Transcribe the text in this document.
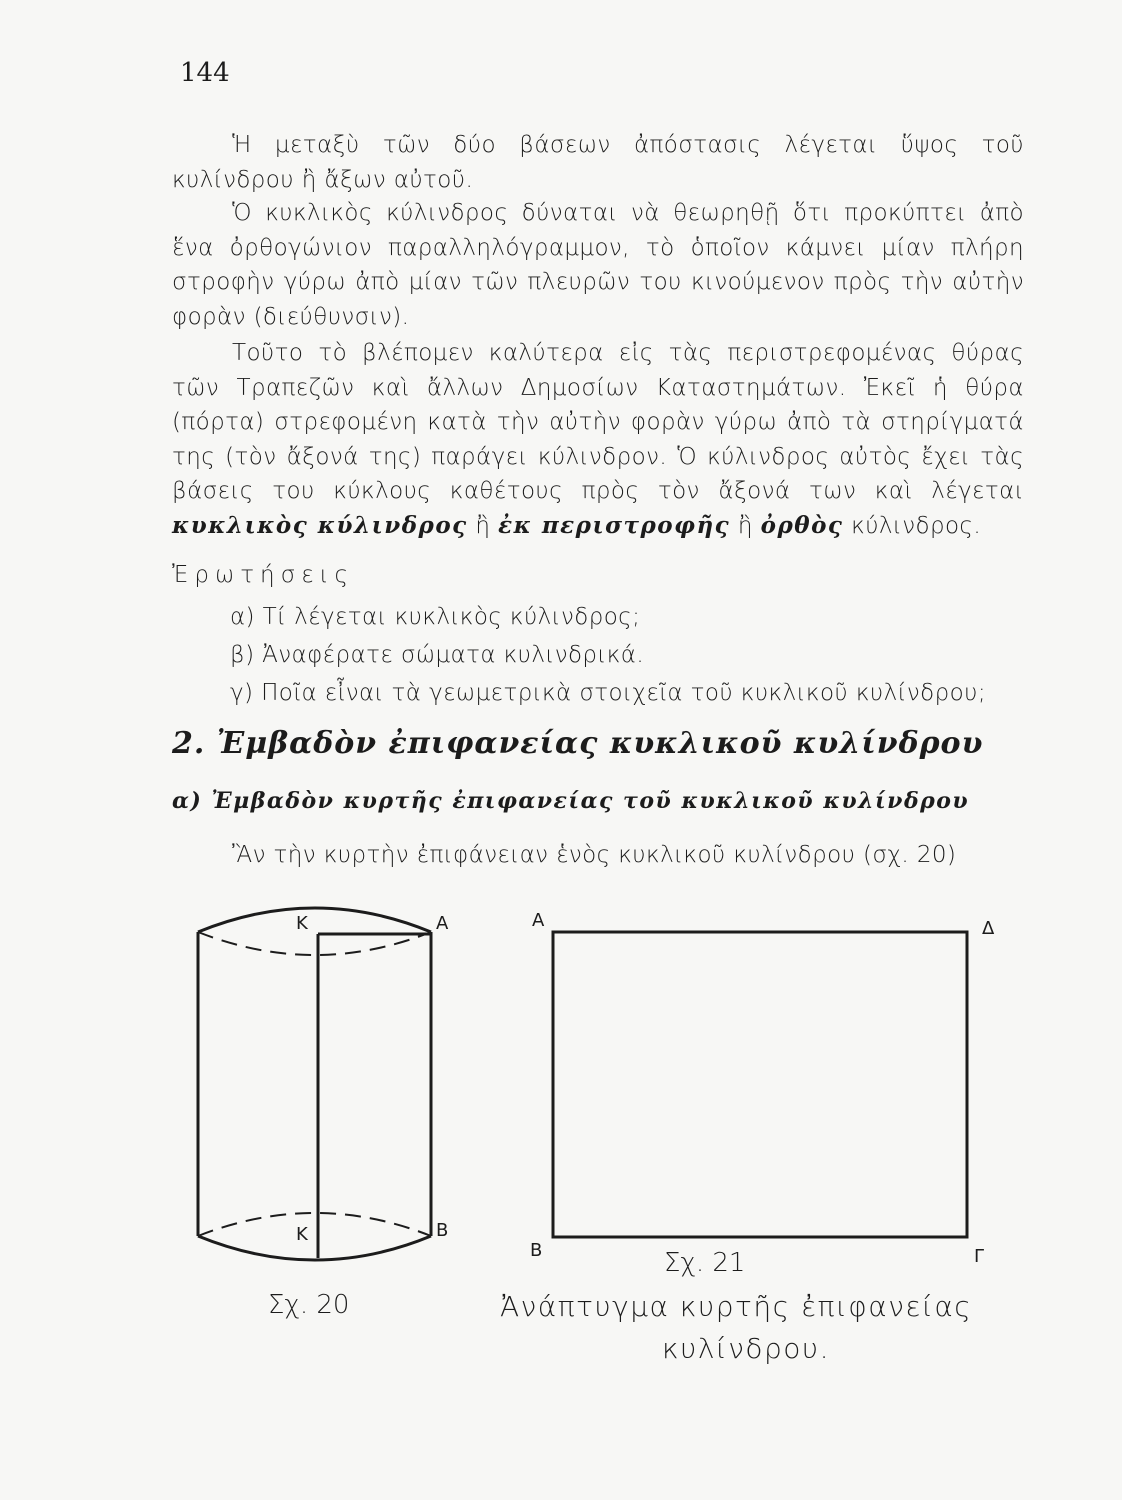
144
Ἡ μεταξὺ τῶν δύο βάσεων ἀπόστασις λέγεται ὕψος τοῦ κυλίνδρου ἢ ἄξων αὐτοῦ.
Ὁ κυκλικὸς κύλινδρος δύναται νὰ θεωρηθῇ ὅτι προκύπτει ἀπὸ ἕνα ὀρθογώνιον παραλληλόγραμμον, τὸ ὁποῖον κάμνει μίαν πλήρη στροφὴν γύρω ἀπὸ μίαν τῶν πλευρῶν του κινούμενον πρὸς τὴν αὐτὴν φορὰν (διεύθυνσιν).
Τοῦτο τὸ βλέπομεν καλύτερα εἰς τὰς περιστρεφομένας θύρας τῶν Τραπεζῶν καὶ ἄλλων Δημοσίων Καταστημάτων. Ἐκεῖ ἡ θύρα (πόρτα) στρεφομένη κατὰ τὴν αὐτὴν φορὰν γύρω ἀπὸ τὰ στηρίγματά της (τὸν ἄξονά της) παράγει κύλινδρον. Ὁ κύλινδρος αὐτὸς ἔχει τὰς βάσεις του κύκλους καθέτους πρὸς τὸν ἄξονά των καὶ λέγεται κυκλικὸς κύλινδρος ἢ ἐκ περιστροφῆς ἢ ὀρθὸς κύλινδρος.
Ἐρωτήσεις
α) Τί λέγεται κυκλικὸς κύλινδρος;
β) Ἀναφέρατε σώματα κυλινδρικά.
γ) Ποῖα εἶναι τὰ γεωμετρικὰ στοιχεῖα τοῦ κυκλικοῦ κυλίνδρου;
2. Ἐμβαδὸν ἐπιφανείας κυκλικοῦ κυλίνδρου
α) Ἐμβαδὸν κυρτῆς ἐπιφανείας τοῦ κυκλικοῦ κυλίνδρου
Ἂν τὴν κυρτὴν ἐπιφάνειαν ἑνὸς κυκλικοῦ κυλίνδρου (σχ. 20)
Κ	Α
Κ	Β
Σχ. 20
Α	Δ
Β	Γ
Σχ. 21
Ἀνάπτυγμα κυρτῆς ἐπιφανείας
κυλίνδρου.
